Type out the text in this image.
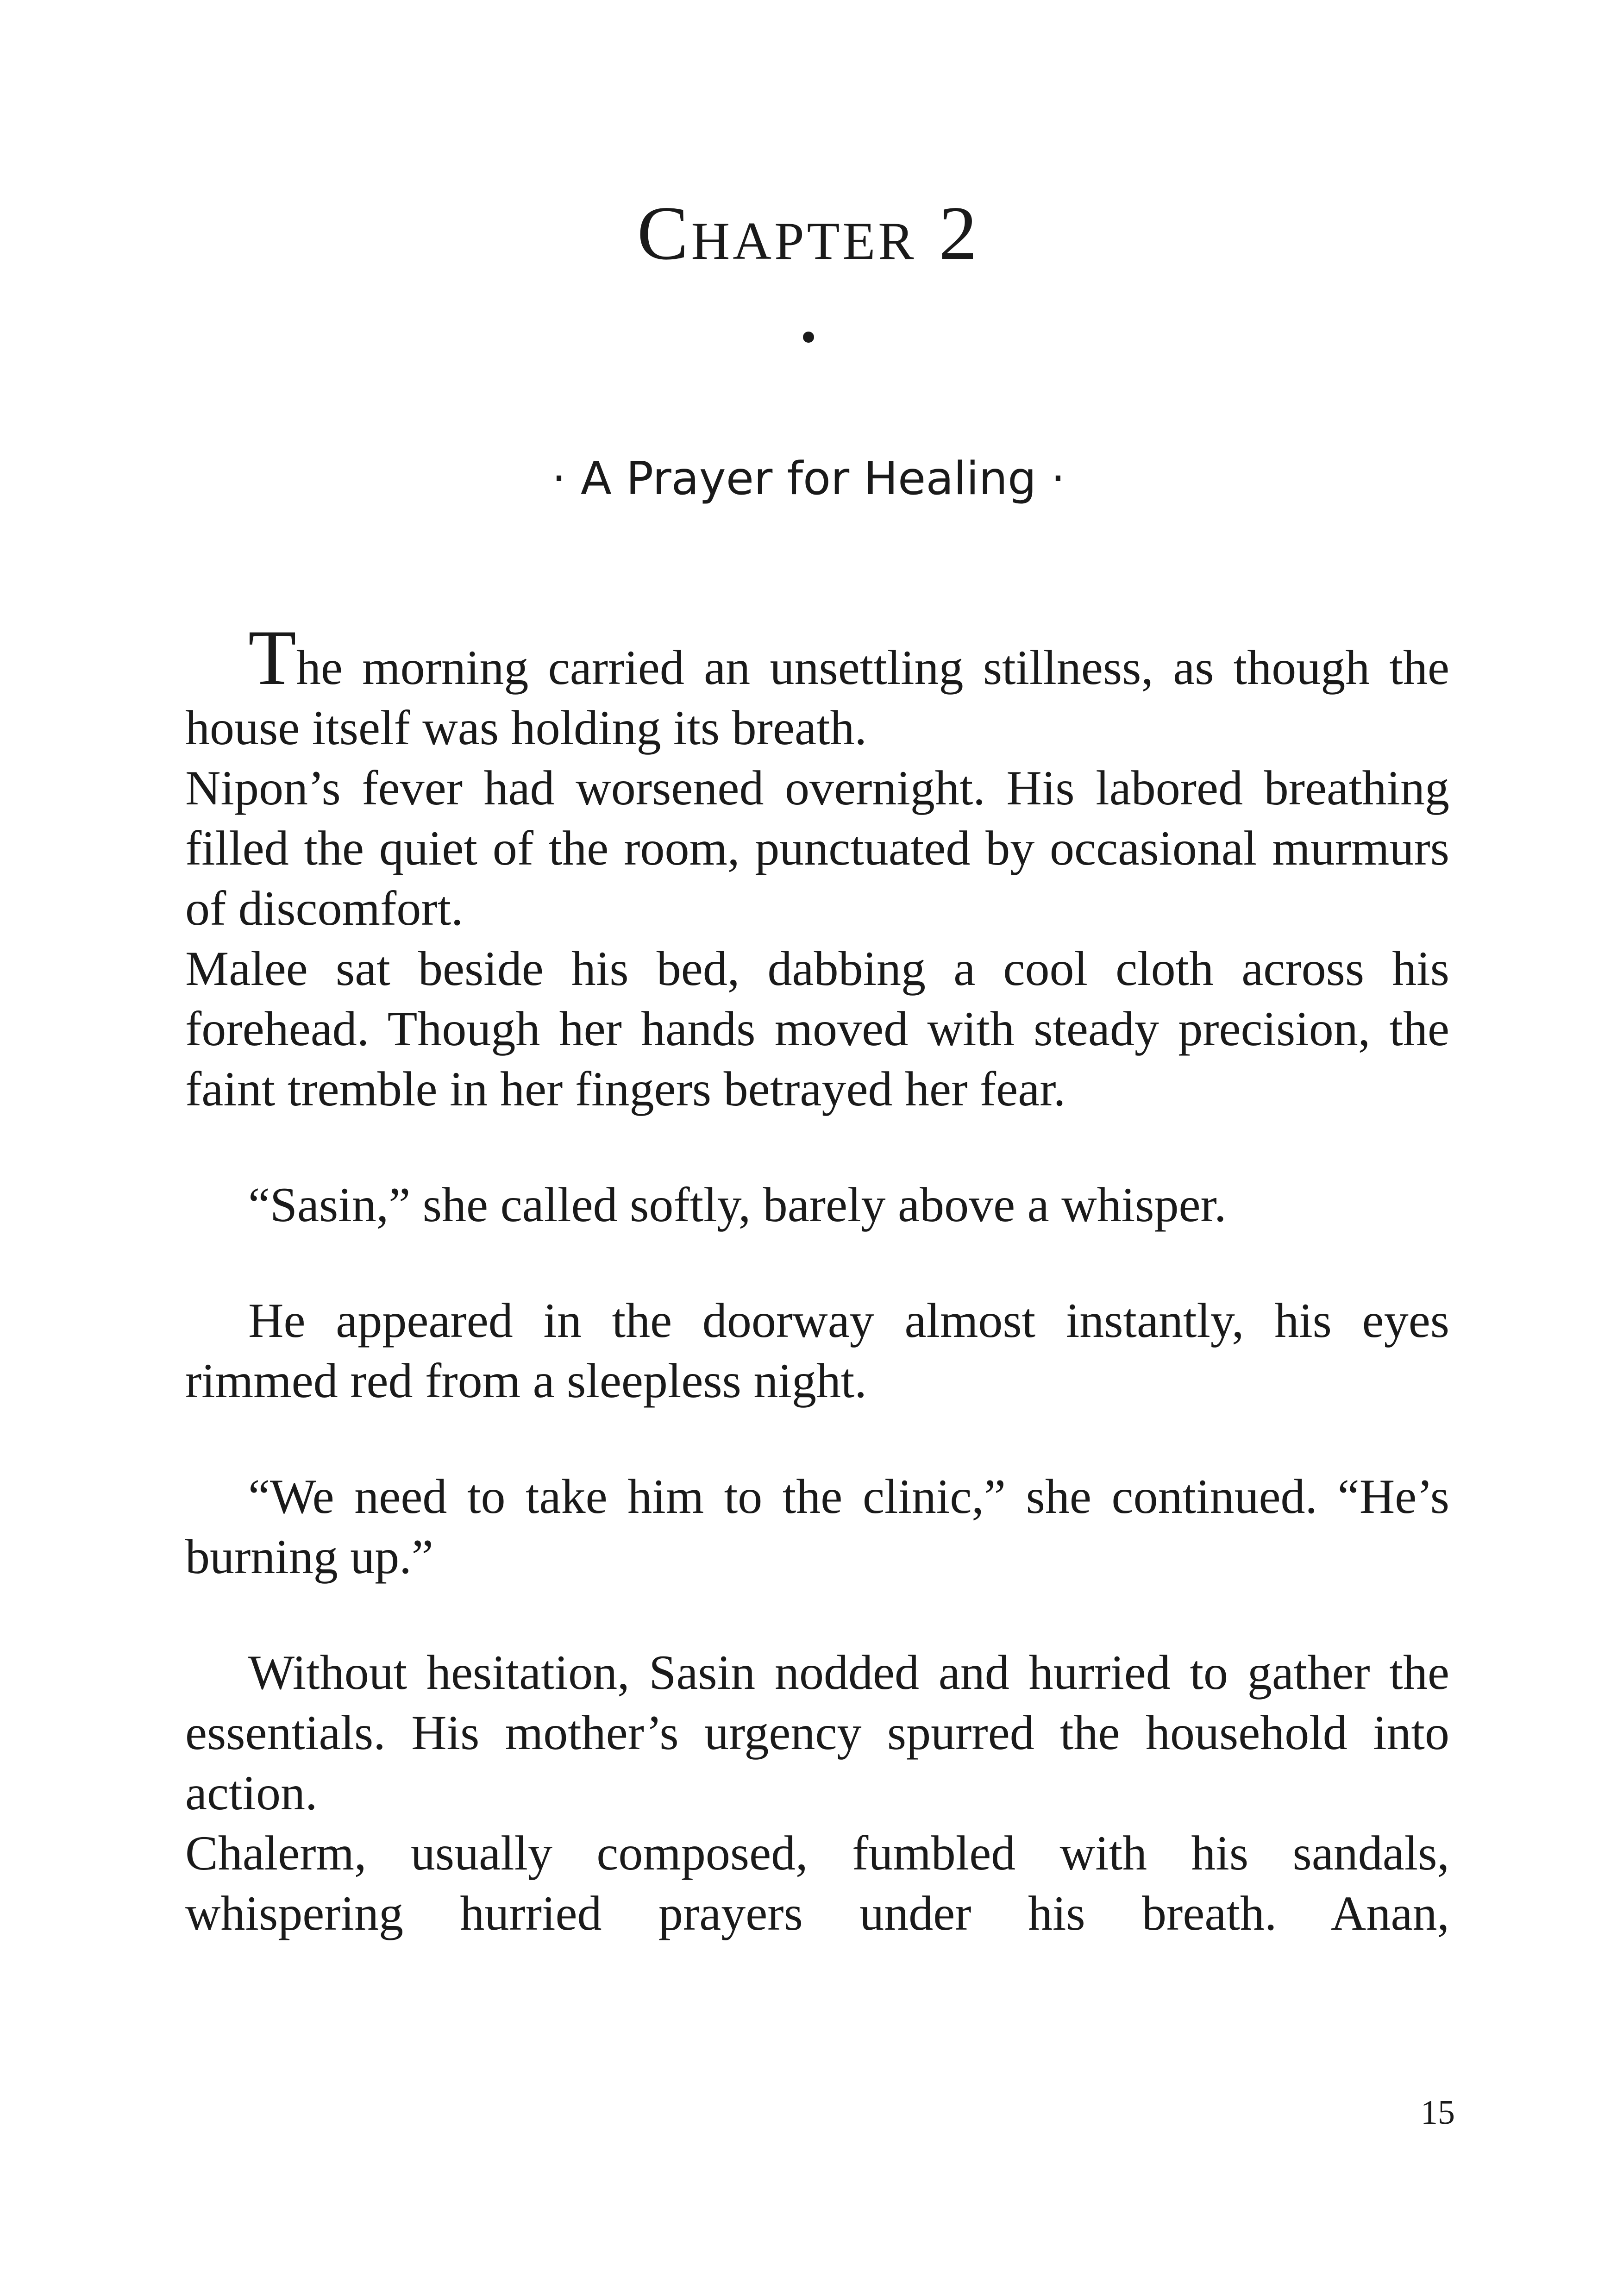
Chapter 2
· A Prayer for Healing ·

The morning carried an unsettling stillness, as though the house itself was holding its breath.

Nipon’s fever had worsened overnight. His labored breathing filled the quiet of the room, punctuated by occasional murmurs of discomfort.

Malee sat beside his bed, dabbing a cool cloth across his forehead. Though her hands moved with steady precision, the faint tremble in her fingers betrayed her fear.

“Sasin,” she called softly, barely above a whisper.

He appeared in the doorway almost instantly, his eyes rimmed red from a sleepless night.

“We need to take him to the clinic,” she continued. “He’s burning up.”

Without hesitation, Sasin nodded and hurried to gather the essentials. His mother’s urgency spurred the household into action.

Chalerm, usually composed, fumbled with his sandals, whispering hurried prayers under his breath. Anan,

15
